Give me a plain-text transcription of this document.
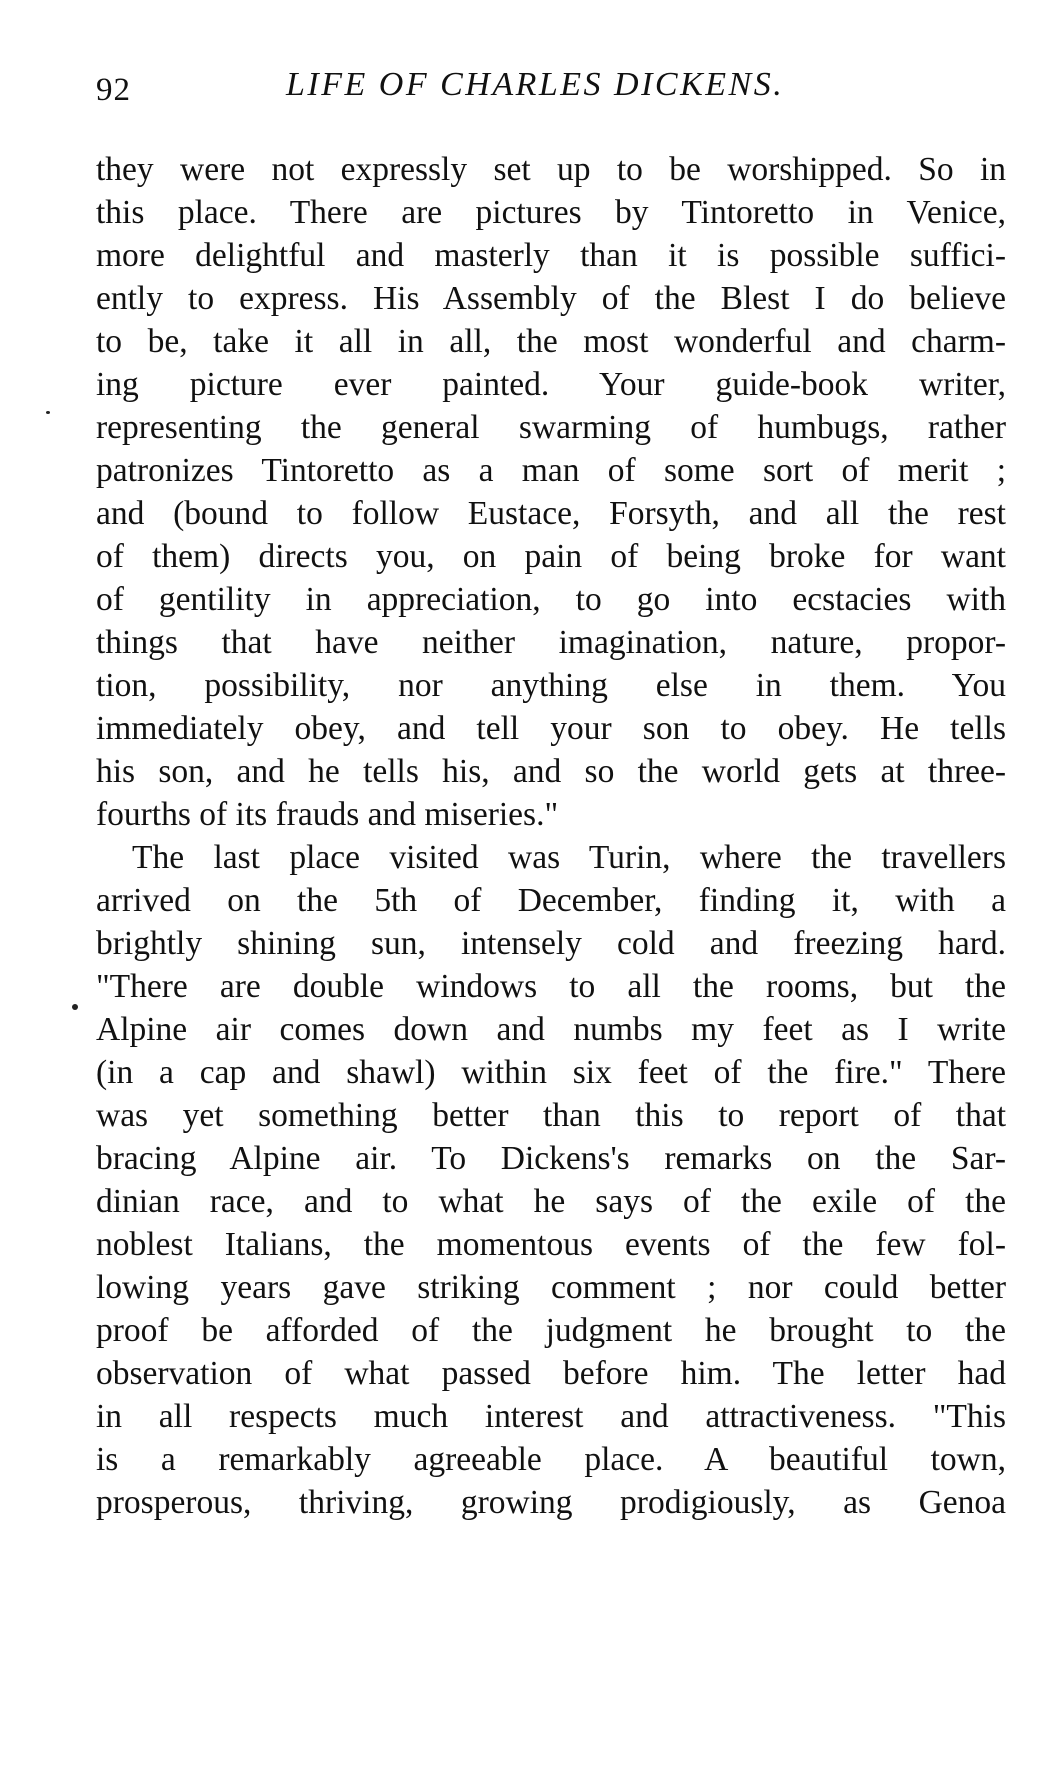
92	LIFE OF CHARLES DICKENS.
they were not expressly set up to be worshipped. So in
this place. There are pictures by Tintoretto in Venice,
more delightful and masterly than it is possible suffici-
ently to express. His Assembly of the Blest I do believe
to be, take it all in all, the most wonderful and charm-
ing picture ever painted. Your guide-book writer,
representing the general swarming of humbugs, rather
patronizes Tintoretto as a man of some sort of merit ;
and (bound to follow Eustace, Forsyth, and all the rest
of them) directs you, on pain of being broke for want
of gentility in appreciation, to go into ecstacies with
things that have neither imagination, nature, propor-
tion, possibility, nor anything else in them. You
immediately obey, and tell your son to obey. He tells
his son, and he tells his, and so the world gets at three-
fourths of its frauds and miseries."
The last place visited was Turin, where the travellers
arrived on the 5th of December, finding it, with a
brightly shining sun, intensely cold and freezing hard.
"There are double windows to all the rooms, but the
Alpine air comes down and numbs my feet as I write
(in a cap and shawl) within six feet of the fire." There
was yet something better than this to report of that
bracing Alpine air. To Dickens's remarks on the Sar-
dinian race, and to what he says of the exile of the
noblest Italians, the momentous events of the few fol-
lowing years gave striking comment ; nor could better
proof be afforded of the judgment he brought to the
observation of what passed before him. The letter had
in all respects much interest and attractiveness. "This
is a remarkably agreeable place. A beautiful town,
prosperous, thriving, growing prodigiously, as Genoa
